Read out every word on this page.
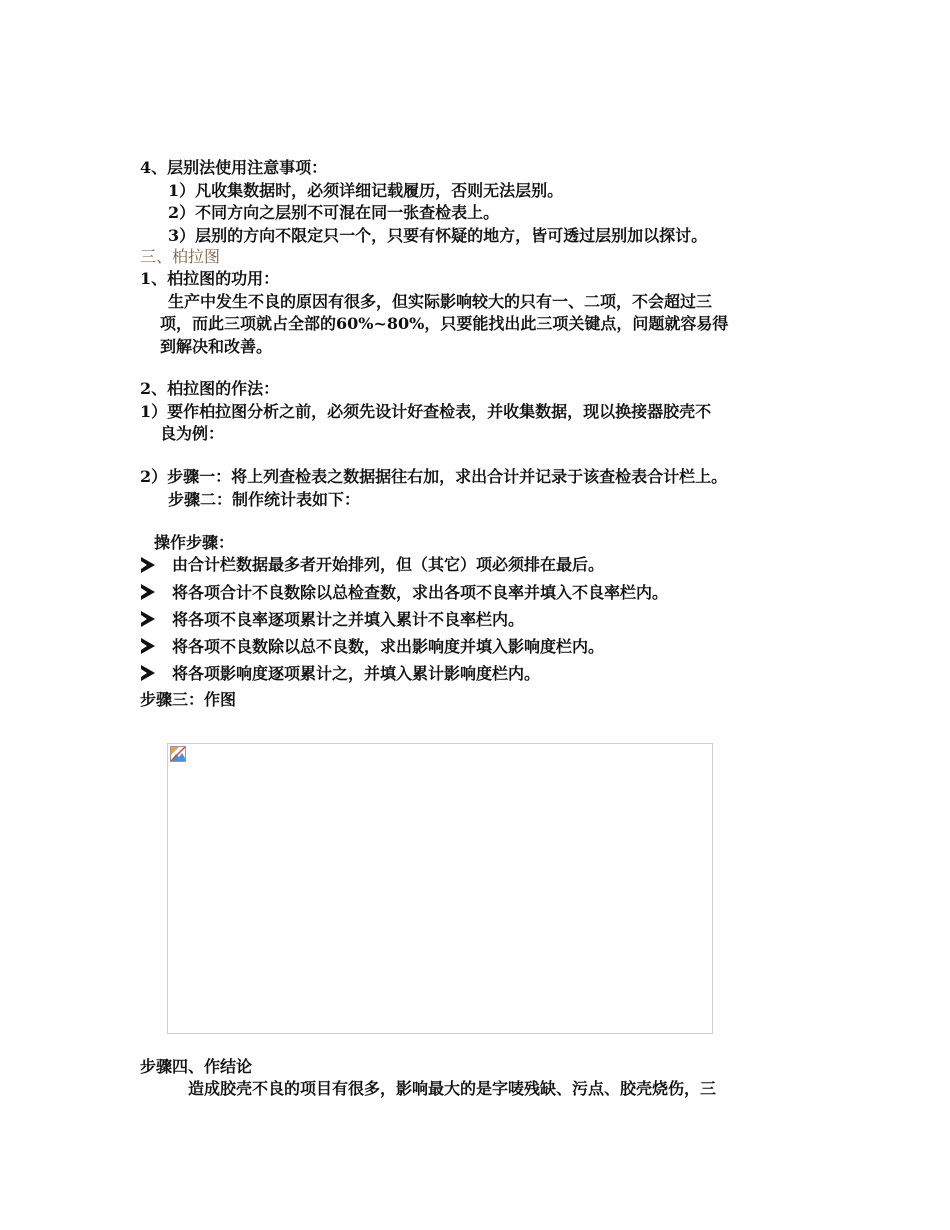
4、层别法使用注意事项：
1）凡收集数据时，必须详细记载履历，否则无法层别。
2）不同方向之层别不可混在同一张查检表上。
3）层别的方向不限定只一个，只要有怀疑的地方，皆可透过层别加以探讨。
三、柏拉图
1、柏拉图的功用：
生产中发生不良的原因有很多，但实际影响较大的只有一、二项，不会超过三
项，而此三项就占全部的60%~80%，只要能找出此三项关键点，问题就容易得
到解决和改善。
2、柏拉图的作法：
1）要作柏拉图分析之前，必须先设计好查检表，并收集数据，现以换接器胶壳不
良为例：
2）步骤一：将上列查检表之数据据往右加，求出合计并记录于该查检表合计栏上。
步骤二：制作统计表如下：
操作步骤：
由合计栏数据最多者开始排列，但（其它）项必须排在最后。
将各项合计不良数除以总检查数，求出各项不良率并填入不良率栏内。
将各项不良率逐项累计之并填入累计不良率栏内。
将各项不良数除以总不良数，求出影响度并填入影响度栏内。
将各项影响度逐项累计之，并填入累计影响度栏内。
步骤三：作图
步骤四、作结论
造成胶壳不良的项目有很多，影响最大的是字唛残缺、污点、胶壳烧伤，三
